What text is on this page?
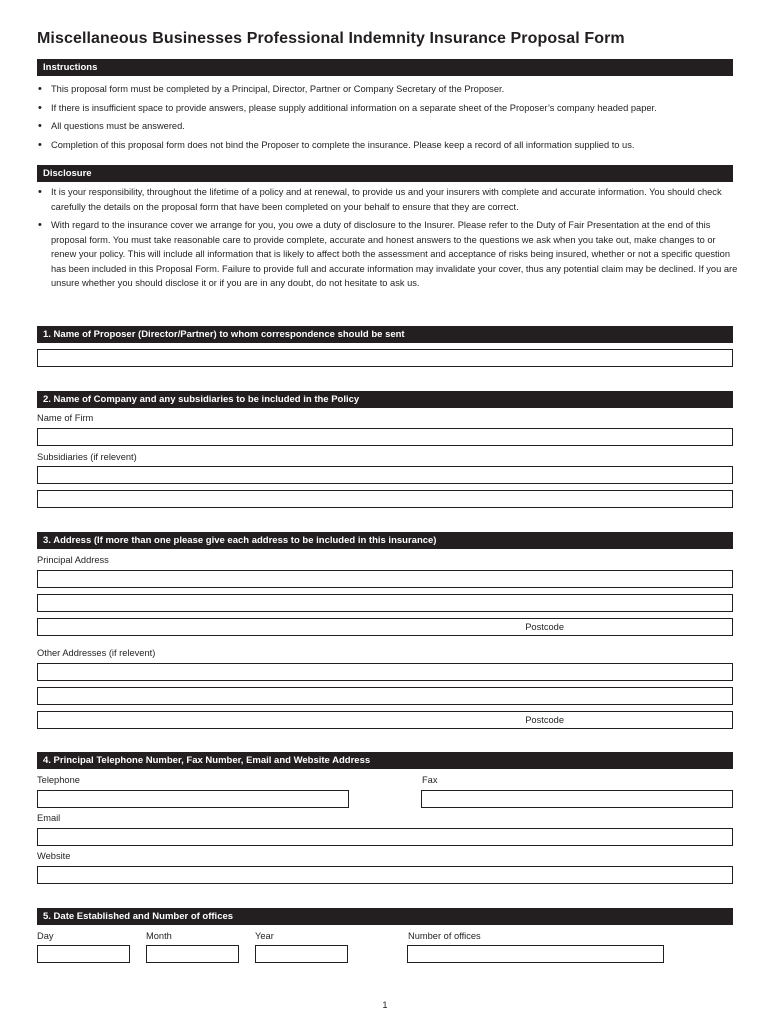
Miscellaneous Businesses Professional Indemnity Insurance Proposal Form
Instructions
• This proposal form must be completed by a Principal, Director, Partner or Company Secretary of the Proposer.
• If there is insufficient space to provide answers, please supply additional information on a separate sheet of the Proposer’s company headed paper.
• All questions must be answered.
• Completion of this proposal form does not bind the Proposer to complete the insurance. Please keep a record of all information supplied to us.
Disclosure
• It is your responsibility, throughout the lifetime of a policy and at renewal, to provide us and your insurers with complete and accurate information. You should check carefully the details on the proposal form that have been completed on your behalf to ensure that they are correct.
• With regard to the insurance cover we arrange for you, you owe a duty of disclosure to the Insurer. Please refer to the Duty of Fair Presentation at the end of this proposal form. You must take reasonable care to provide complete, accurate and honest answers to the questions we ask when you take out, make changes to or renew your policy. This will include all information that is likely to affect both the assessment and acceptance of risks being insured, whether or not a specific question has been included in this Proposal Form. Failure to provide full and accurate information may invalidate your cover, thus any potential claim may be declined. If you are unsure whether you should disclose it or if you are in any doubt, do not hesitate to ask us.
1. Name of Proposer (Director/Partner) to whom correspondence should be sent
2. Name of Company and any subsidiaries to be included in the Policy
Name of Firm
Subsidiaries (if relevent)
3. Address (If more than one please give each address to be included in this insurance)
Principal Address
Postcode
Other Addresses (if relevent)
Postcode
4. Principal Telephone Number, Fax Number, Email and Website Address
Telephone	Fax
Email
Website
5. Date Established and Number of offices
Day	Month	Year	Number of offices
1
